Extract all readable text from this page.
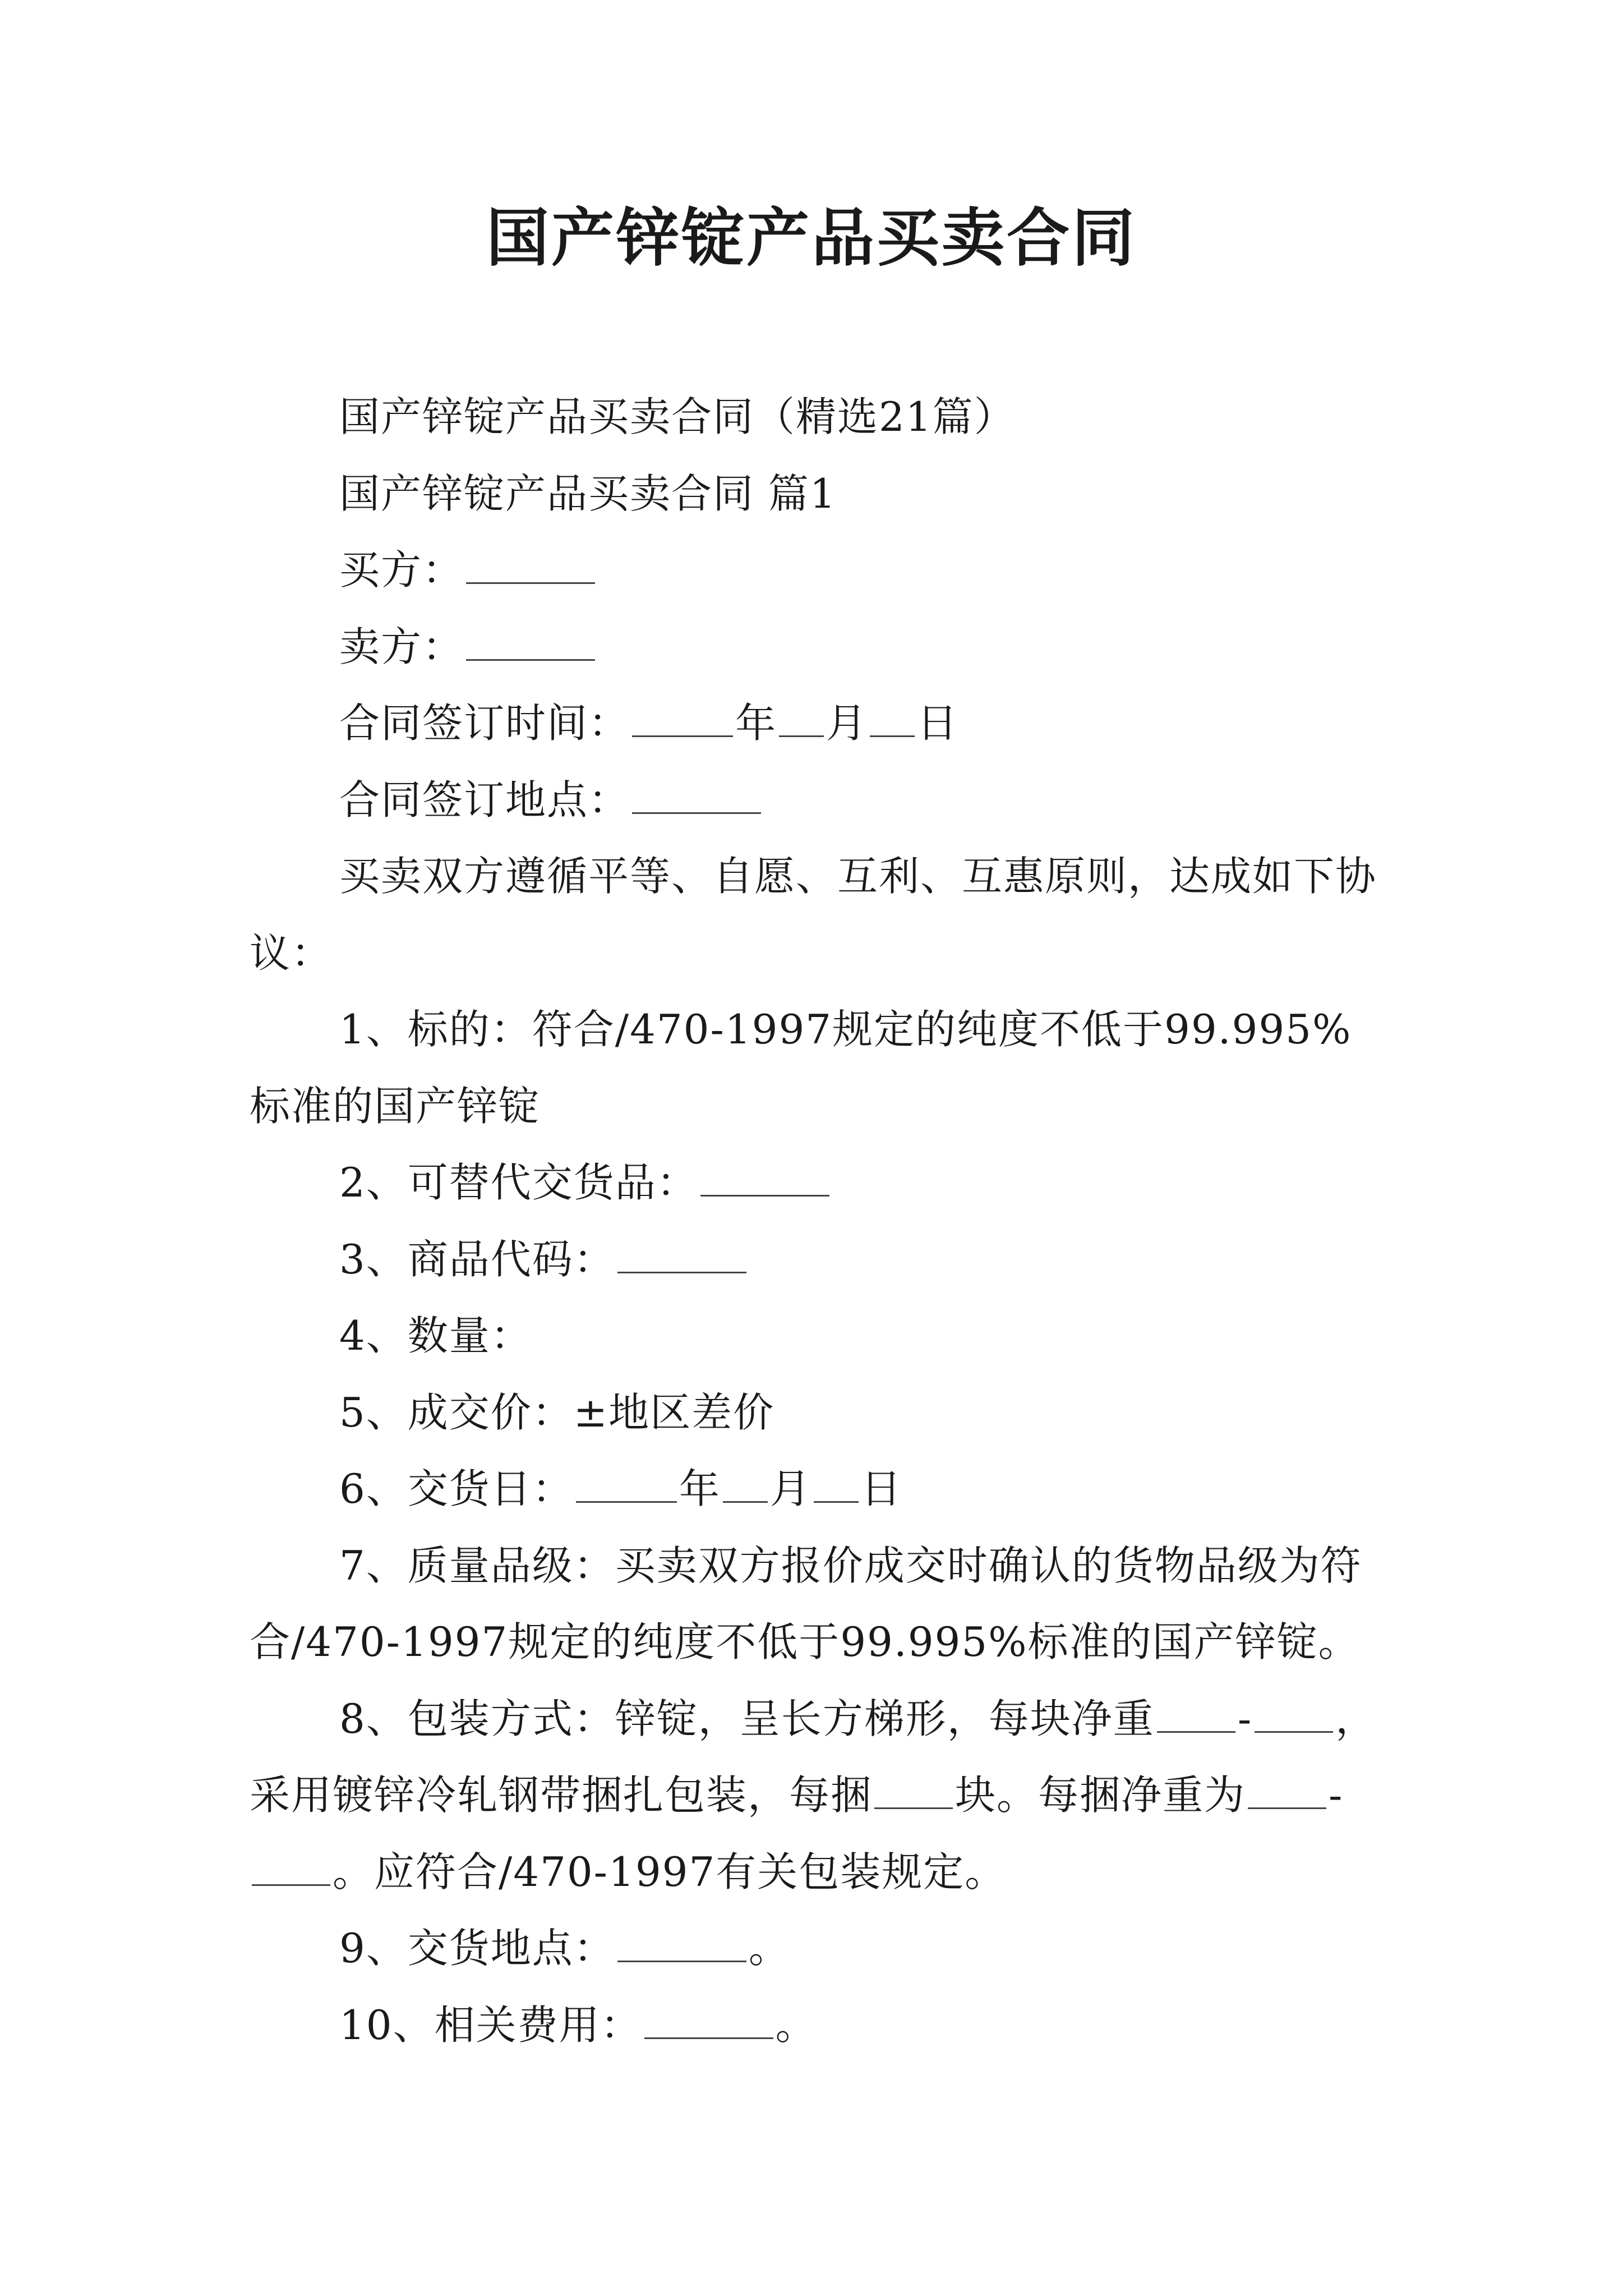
国产锌锭产品买卖合同

国产锌锭产品买卖合同（精选21篇）

国产锌锭产品买卖合同 篇1

买方：

卖方：

合同签订时间：	年 月 日

合同签订地点：

买卖双方遵循平等、自愿、互利、互惠原则，达成如下协议：

1、标的：符合/470-1997规定的纯度不低于99.995%标准的国产锌锭

2、可替代交货品：

3、商品代码：

4、数量：

5、成交价：±地区差价

6、交货日：	年 月 日

7、质量品级：买卖双方报价成交时确认的货物品级为符合/470-1997规定的纯度不低于99.995%标准的国产锌锭。

8、包装方式：锌锭，呈长方梯形，每块净重 - ，采用镀锌冷轧钢带捆扎包装，每捆 块。每捆净重为 -。应符合/470-1997有关包装规定。

9、交货地点：	。

10、相关费用：	。
